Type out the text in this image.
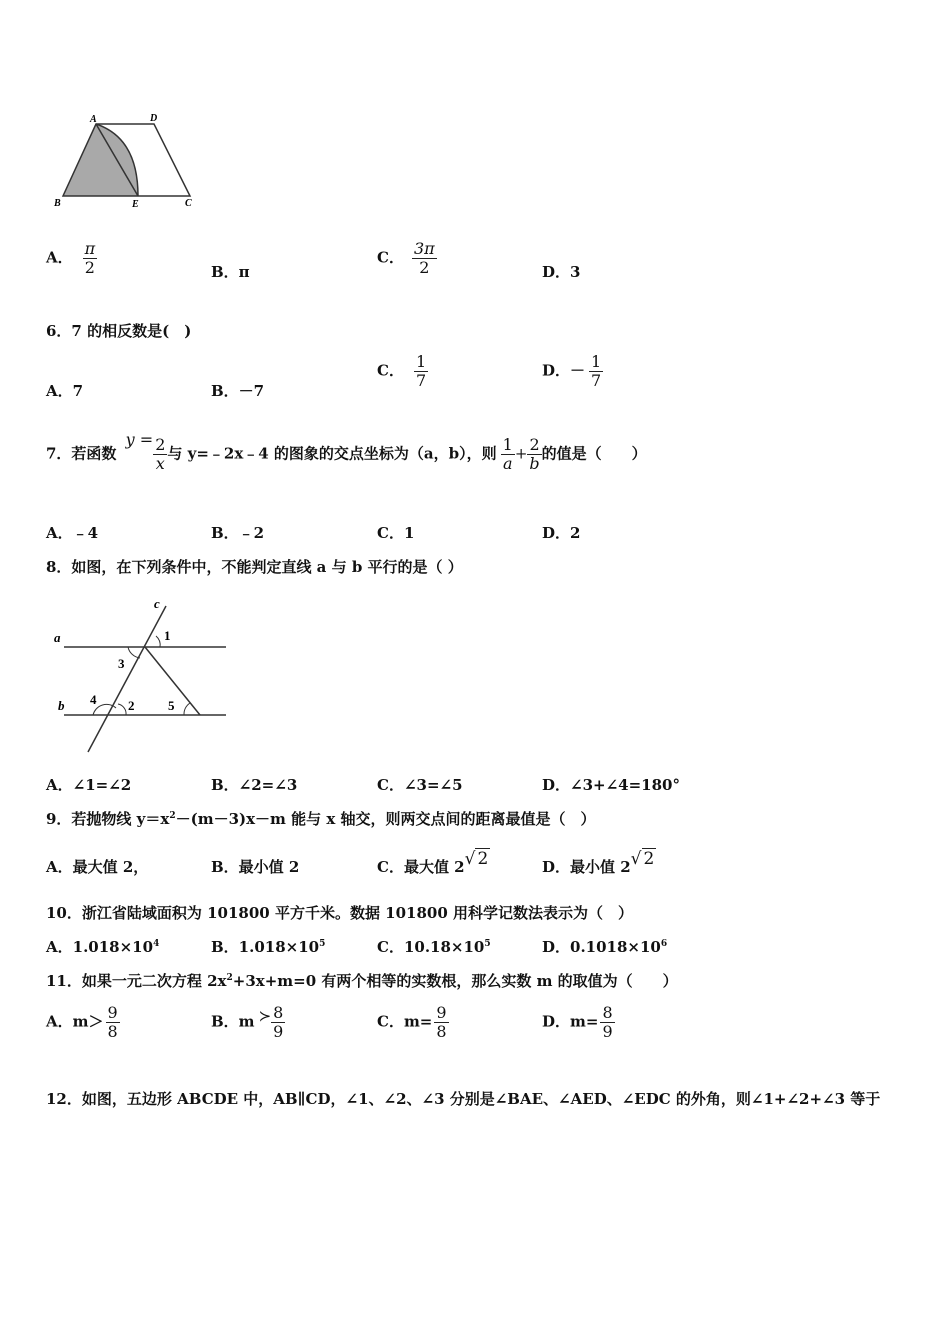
A	D
B	E	C
A． $\frac{\pi}{2}$	B．π
C． $\frac{3\pi}{2}$	D．3
6．7 的相反数是(　)
A．7	B．－7
C． $\frac{1}{7}$	D．－ $\frac{1}{7}$
7．若函数 $y = \frac{2}{x}$ 与 y=﹣2x﹣4 的图象的交点坐标为（a，b），则 $\frac{1}{a} + \frac{2}{b}$ 的值是（　　）
A．﹣4	B．﹣2	C．1	D．2
8．如图，在下列条件中，不能判定直线 a 与 b 平行的是（ ）
c
a
b
1
3
4 2	5
A．∠1=∠2	B．∠2=∠3	C．∠3=∠5	D．∠3+∠4=180°
9．若抛物线 $y=x^2-(m-3)x-m$ 能与 x 轴交，则两交点间的距离最值是（　）
A．最大值 2，	B．最小值 2	C．最大值 2√ 2	D．最小值 2√ 2
10．浙江省陆域面积为 101800 平方千米。数据 101800 用科学记数法表示为（　）
A．$1.018\times 10^4$	B．$1.018\times 10^5$	C．$10.18\times 10^5$	D．$0.1018\times 10^6$
11．如果一元二次方程 $2x^2+3x+m=0$ 有两个相等的实数根，那么实数 m 的取值为（　　）
A．$m> \frac{9}{8}$	B．m ≻ $\frac{8}{9}$	C．$m= \frac{9}{8}$	D．$m= \frac{8}{9}$
12．如图，五边形 ABCDE 中，AB∥CD，∠1、∠2、∠3 分别是∠BAE、∠AED、∠EDC 的外角，则∠1+∠2+∠3 等于
